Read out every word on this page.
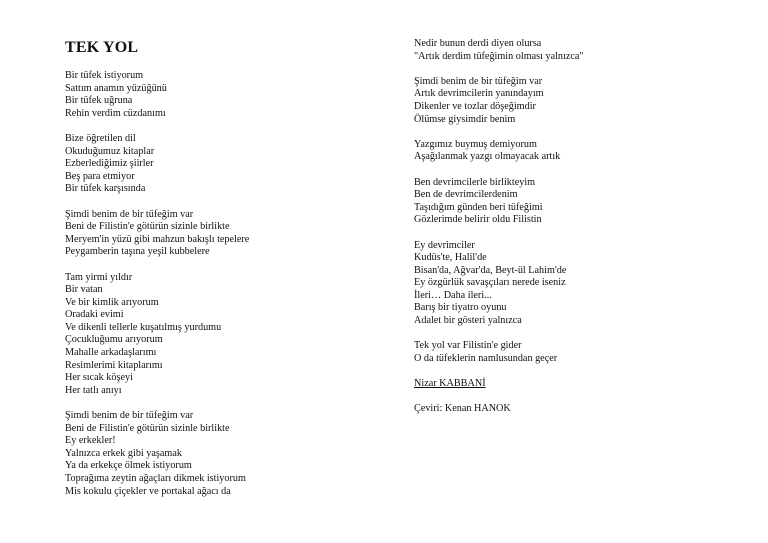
TEK YOL
Bir tüfek istiyorum
Sattım anamın yüzüğünü
Bir tüfek uğruna
Rehin verdim cüzdanımı
Bize öğretilen dil
Okuduğumuz kitaplar
Ezberlediğimiz şiirler
Beş para etmiyor
Bir tüfek karşısında
Şimdi benim de bir tüfeğim var
Beni de Filistin'e götürün sizinle birlikte
Meryem'in yüzü gibi mahzun bakışlı tepelere
Peygamberin taşına yeşil kubbelere
Tam yirmi yıldır
Bir vatan
Ve bir kimlik arıyorum
Oradaki evimi
Ve dikenli tellerle kuşatılmış yurdumu
Çocukluğumu arıyorum
Mahalle arkadaşlarımı
Resimlerimi kitaplarımı
Her sıcak köşeyi
Her tatlı anıyı
Şimdi benim de bir tüfeğim var
Beni de Filistin'e götürün sizinle birlikte
Ey erkekler!
Yalnızca erkek gibi yaşamak
Ya da erkekçe ölmek istiyorum
Toprağıma zeytin ağaçları dikmek istiyorum
Mis kokulu çiçekler ve portakal ağacı da
Nedir bunun derdi diyen olursa
"Artık derdim tüfeğimin olması yalnızca"
Şimdi benim de bir tüfeğim var
Artık devrimcilerin yanındayım
Dikenler ve tozlar döşeğimdir
Ölümse giysimdir benim
Yazgımız buymuş demiyorum
Aşağılanmak yazgı olmayacak artık
Ben devrimcilerle birlikteyim
Ben de devrimcilerdenim
Taşıdığım günden beri tüfeğimi
Gözlerimde belirir oldu Filistin
Ey devrimciler
Kudüs'te, Halil'de
Bisan'da, Ağvar'da, Beyt-ül Lahim'de
Ey özgürlük savaşçıları nerede iseniz
İleri… Daha ileri...
Barış bir tiyatro oyunu
Adalet bir gösteri yalnızca
Tek yol var Filistin'e gider
O da tüfeklerin namlusundan geçer
Nizar KABBANİ
Çeviri: Kenan HANOK
